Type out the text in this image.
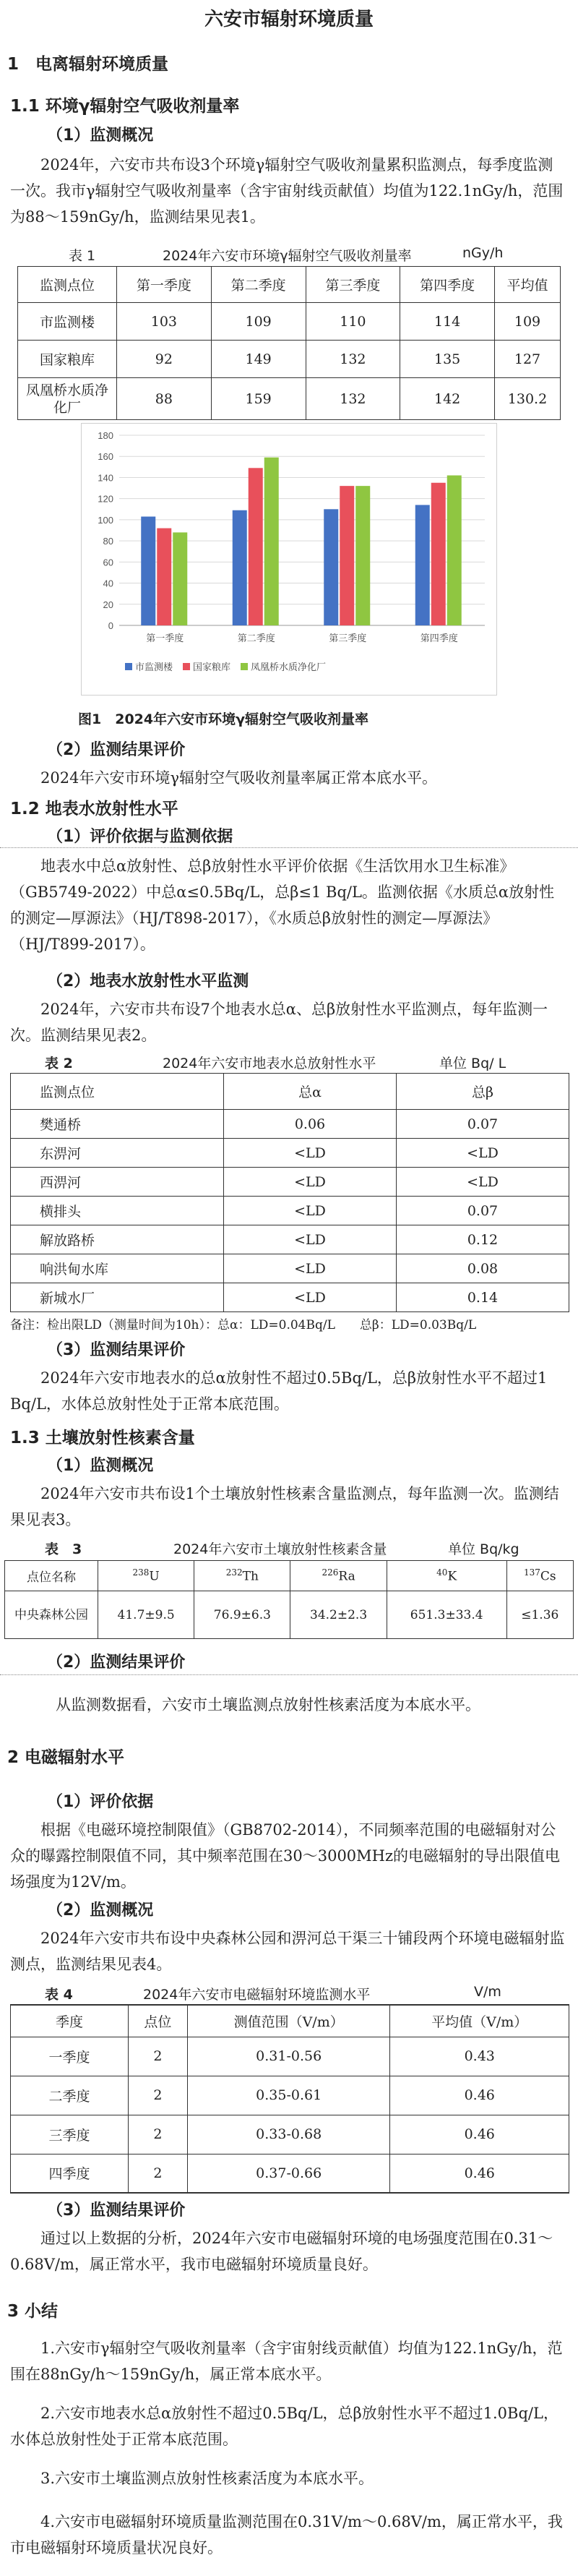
六安市辐射环境质量
1　电离辐射环境质量
1.1 环境γ辐射空气吸收剂量率
（1）监测概况

2024年，六安市共布设3个环境γ辐射空气吸收剂量累积监测点，每季度监测一次。我市γ辐射空气吸收剂量率（含宇宙射线贡献值）均值为122.1nGy/h，范围为88～159nGy/h，监测结果见表1。

表 1	2024年六安市环境γ辐射空气吸收剂量率	nGy/h
监测点位	第一季度	第二季度	第三季度	第四季度	平均值
市监测楼	103	109	110	114	109
国家粮库	92	149	132	135	127
凤凰桥水质净化厂	88	159	132	142	130.2
0
20
40
60
80
100
120
140
160
180
第一季度	第二季度	第三季度	第四季度
市监测楼 国家粮库 凤凰桥水质净化厂
图1　2024年六安市环境γ辐射空气吸收剂量率
（2）监测结果评价

2024年六安市环境γ辐射空气吸收剂量率属正常本底水平。

1.2 地表水放射性水平
（1）评价依据与监测依据

地表水中总α放射性、总β放射性水平评价依据《生活饮用水卫生标准》（GB5749-2022）中总α≤0.5Bq/L，总β≤1 Bq/L。监测依据《水质总α放射性的测定—厚源法》（HJ/T898-2017），《水质总β放射性的测定—厚源法》（HJ/T899-2017）。

（2）地表水放射性水平监测

2024年，六安市共布设7个地表水总α、总β放射性水平监测点，每年监测一次。监测结果见表2。

表 2	2024年六安市地表水总放射性水平	单位 Bq/ L
监测点位	总α	总β
樊通桥	0.06	0.07
东淠河	<LD	<LD
西淠河	<LD	<LD
横排头	<LD	0.07
解放路桥	<LD	0.12
响洪甸水库	<LD	0.08
新城水厂	<LD	0.14
备注：检出限LD（测量时间为10h）：总α：LD=0.04Bq/L　　总β：LD=0.03Bq/L
（3）监测结果评价

2024年六安市地表水的总α放射性不超过0.5Bq/L，总β放射性水平不超过1 Bq/L，水体总放射性处于正常本底范围。

1.3 土壤放射性核素含量
（1）监测概况

2024年六安市共布设1个土壤放射性核素含量监测点，每年监测一次。监测结果见表3。

表　3	2024年六安市土壤放射性核素含量	单位 Bq/kg
点位名称	$^{238}$U	$^{232}$Th	$^{226}$Ra	$^{40}$K	$^{137}$Cs
中央森林公园	41.7±9.5	76.9±6.3	34.2±2.3	651.3±33.4	≤1.36
（2）监测结果评价

从监测数据看，六安市土壤监测点放射性核素活度为本底水平。

2 电磁辐射水平
（1）评价依据

根据《电磁环境控制限值》（GB8702-2014），不同频率范围的电磁辐射对公众的曝露控制限值不同，其中频率范围在30～3000MHz的电磁辐射的导出限值电场强度为12V/m。

（2）监测概况

2024年六安市共布设中央森林公园和淠河总干渠三十铺段两个环境电磁辐射监测点，监测结果见表4。

表 4	2024年六安市电磁辐射环境监测水平	V/m
季度	点位	测值范围（V/m）	平均值（V/m）
一季度	2	0.31-0.56	0.43
二季度	2	0.35-0.61	0.46
三季度	2	0.33-0.68	0.46
四季度	2	0.37-0.66	0.46
（3）监测结果评价

通过以上数据的分析，2024年六安市电磁辐射环境的电场强度范围在0.31～0.68V/m，属正常水平，我市电磁辐射环境质量良好。

3 小结

1.六安市γ辐射空气吸收剂量率（含宇宙射线贡献值）均值为122.1nGy/h，范围在88nGy/h～159nGy/h，属正常本底水平。

2.六安市地表水总α放射性不超过0.5Bq/L，总β放射性水平不超过1.0Bq/L，水体总放射性处于正常本底范围。

3.六安市土壤监测点放射性核素活度为本底水平。

4.六安市电磁辐射环境质量监测范围在0.31V/m～0.68V/m，属正常水平，我市电磁辐射环境质量状况良好。
